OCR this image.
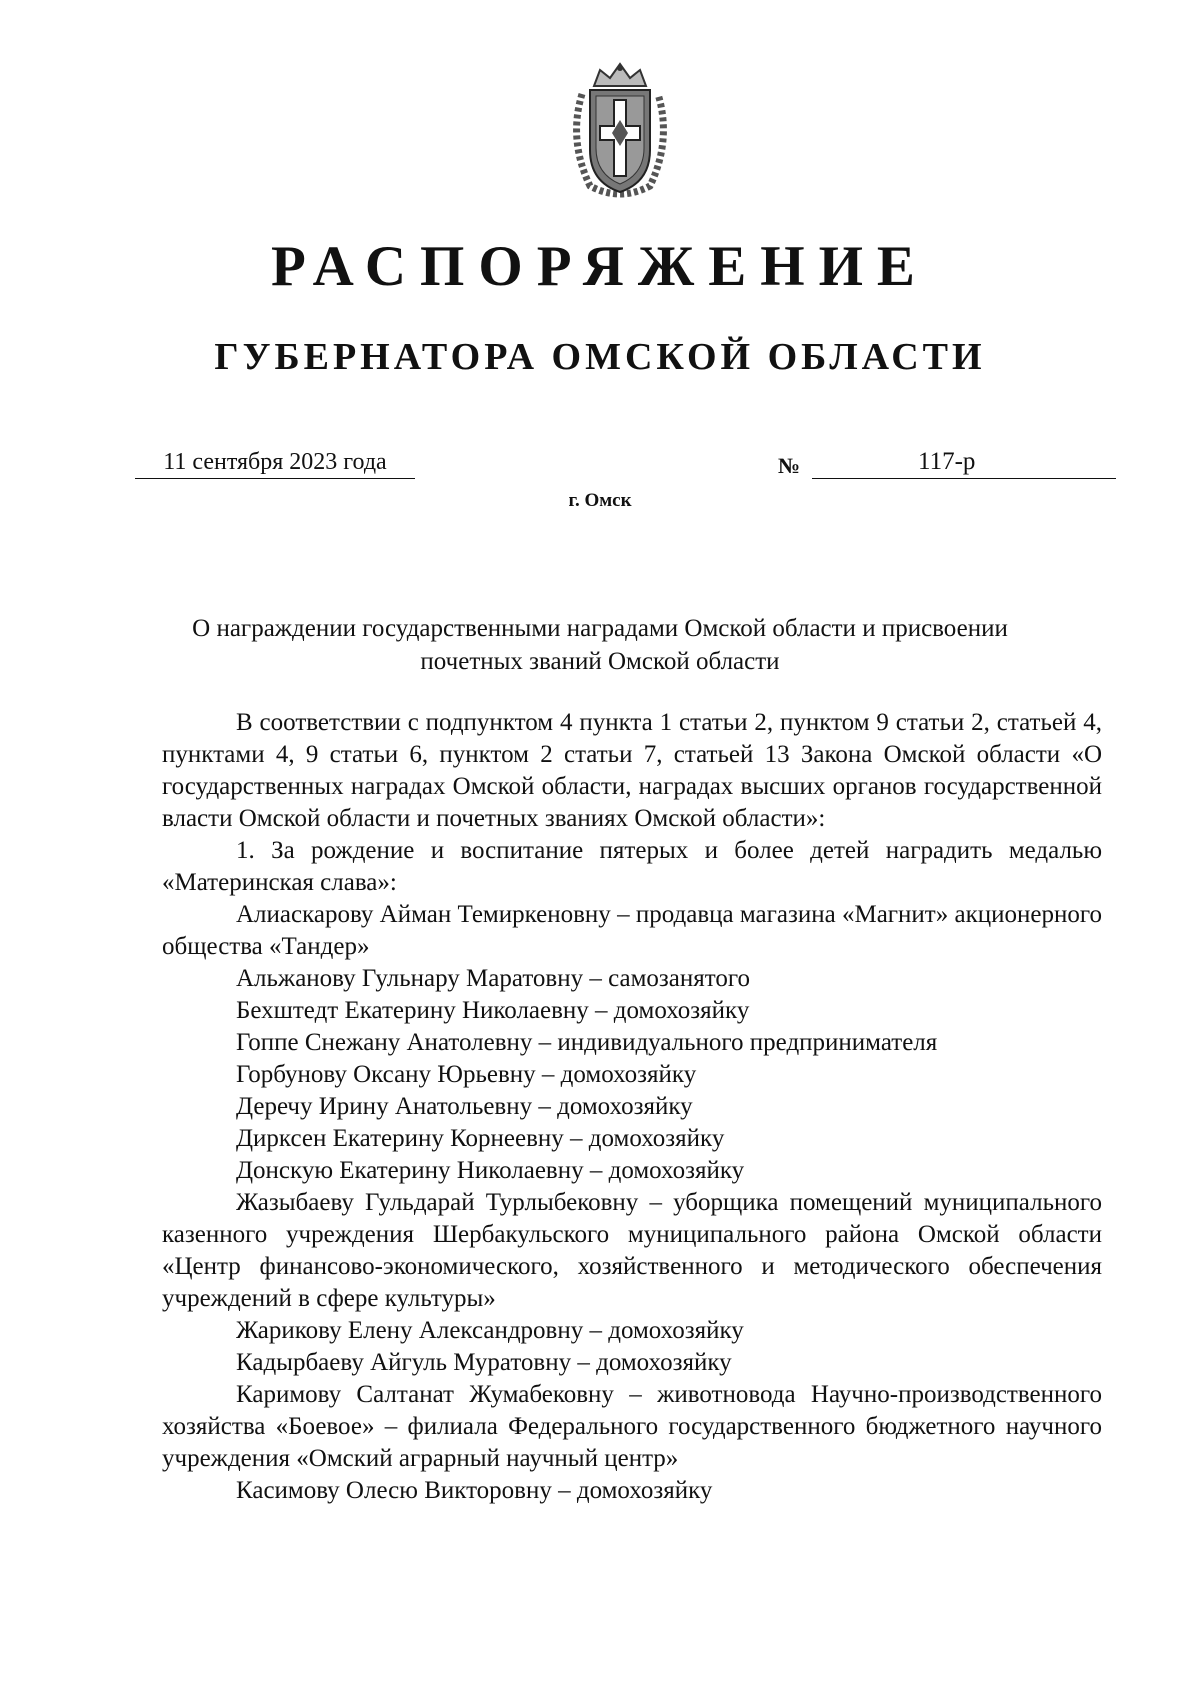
РАСПОРЯЖЕНИЕ
ГУБЕРНАТОРА ОМСКОЙ ОБЛАСТИ
11 сентября 2023 года	№	117-р
г. Омск
О награждении государственными наградами Омской области и присвоении почетных званий Омской области

В соответствии с подпунктом 4 пункта 1 статьи 2, пунктом 9 статьи 2, статьей 4, пунктами 4, 9 статьи 6, пунктом 2 статьи 7, статьей 13 Закона Омской области «О государственных наградах Омской области, наградах высших органов государственной власти Омской области и почетных званиях Омской области»:

1. За рождение и воспитание пятерых и более детей наградить медалью «Материнская слава»:

Алиаскарову Айман Темиркеновну – продавца магазина «Магнит» акционерного общества «Тандер»

Альжанову Гульнару Маратовну – самозанятого

Бехштедт Екатерину Николаевну – домохозяйку

Гоппе Снежану Анатолевну – индивидуального предпринимателя

Горбунову Оксану Юрьевну – домохозяйку

Деречу Ирину Анатольевну – домохозяйку

Дирксен Екатерину Корнеевну – домохозяйку

Донскую Екатерину Николаевну – домохозяйку

Жазыбаеву Гульдарай Турлыбековну – уборщика помещений муниципального казенного учреждения Шербакульского муниципального района Омской области «Центр финансово-экономического, хозяйственного и методического обеспечения учреждений в сфере культуры»

Жарикову Елену Александровну – домохозяйку

Кадырбаеву Айгуль Муратовну – домохозяйку

Каримову Салтанат Жумабековну – животновода Научно-производственного хозяйства «Боевое» – филиала Федерального государственного бюджетного научного учреждения «Омский аграрный научный центр»

Касимову Олесю Викторовну – домохозяйку
